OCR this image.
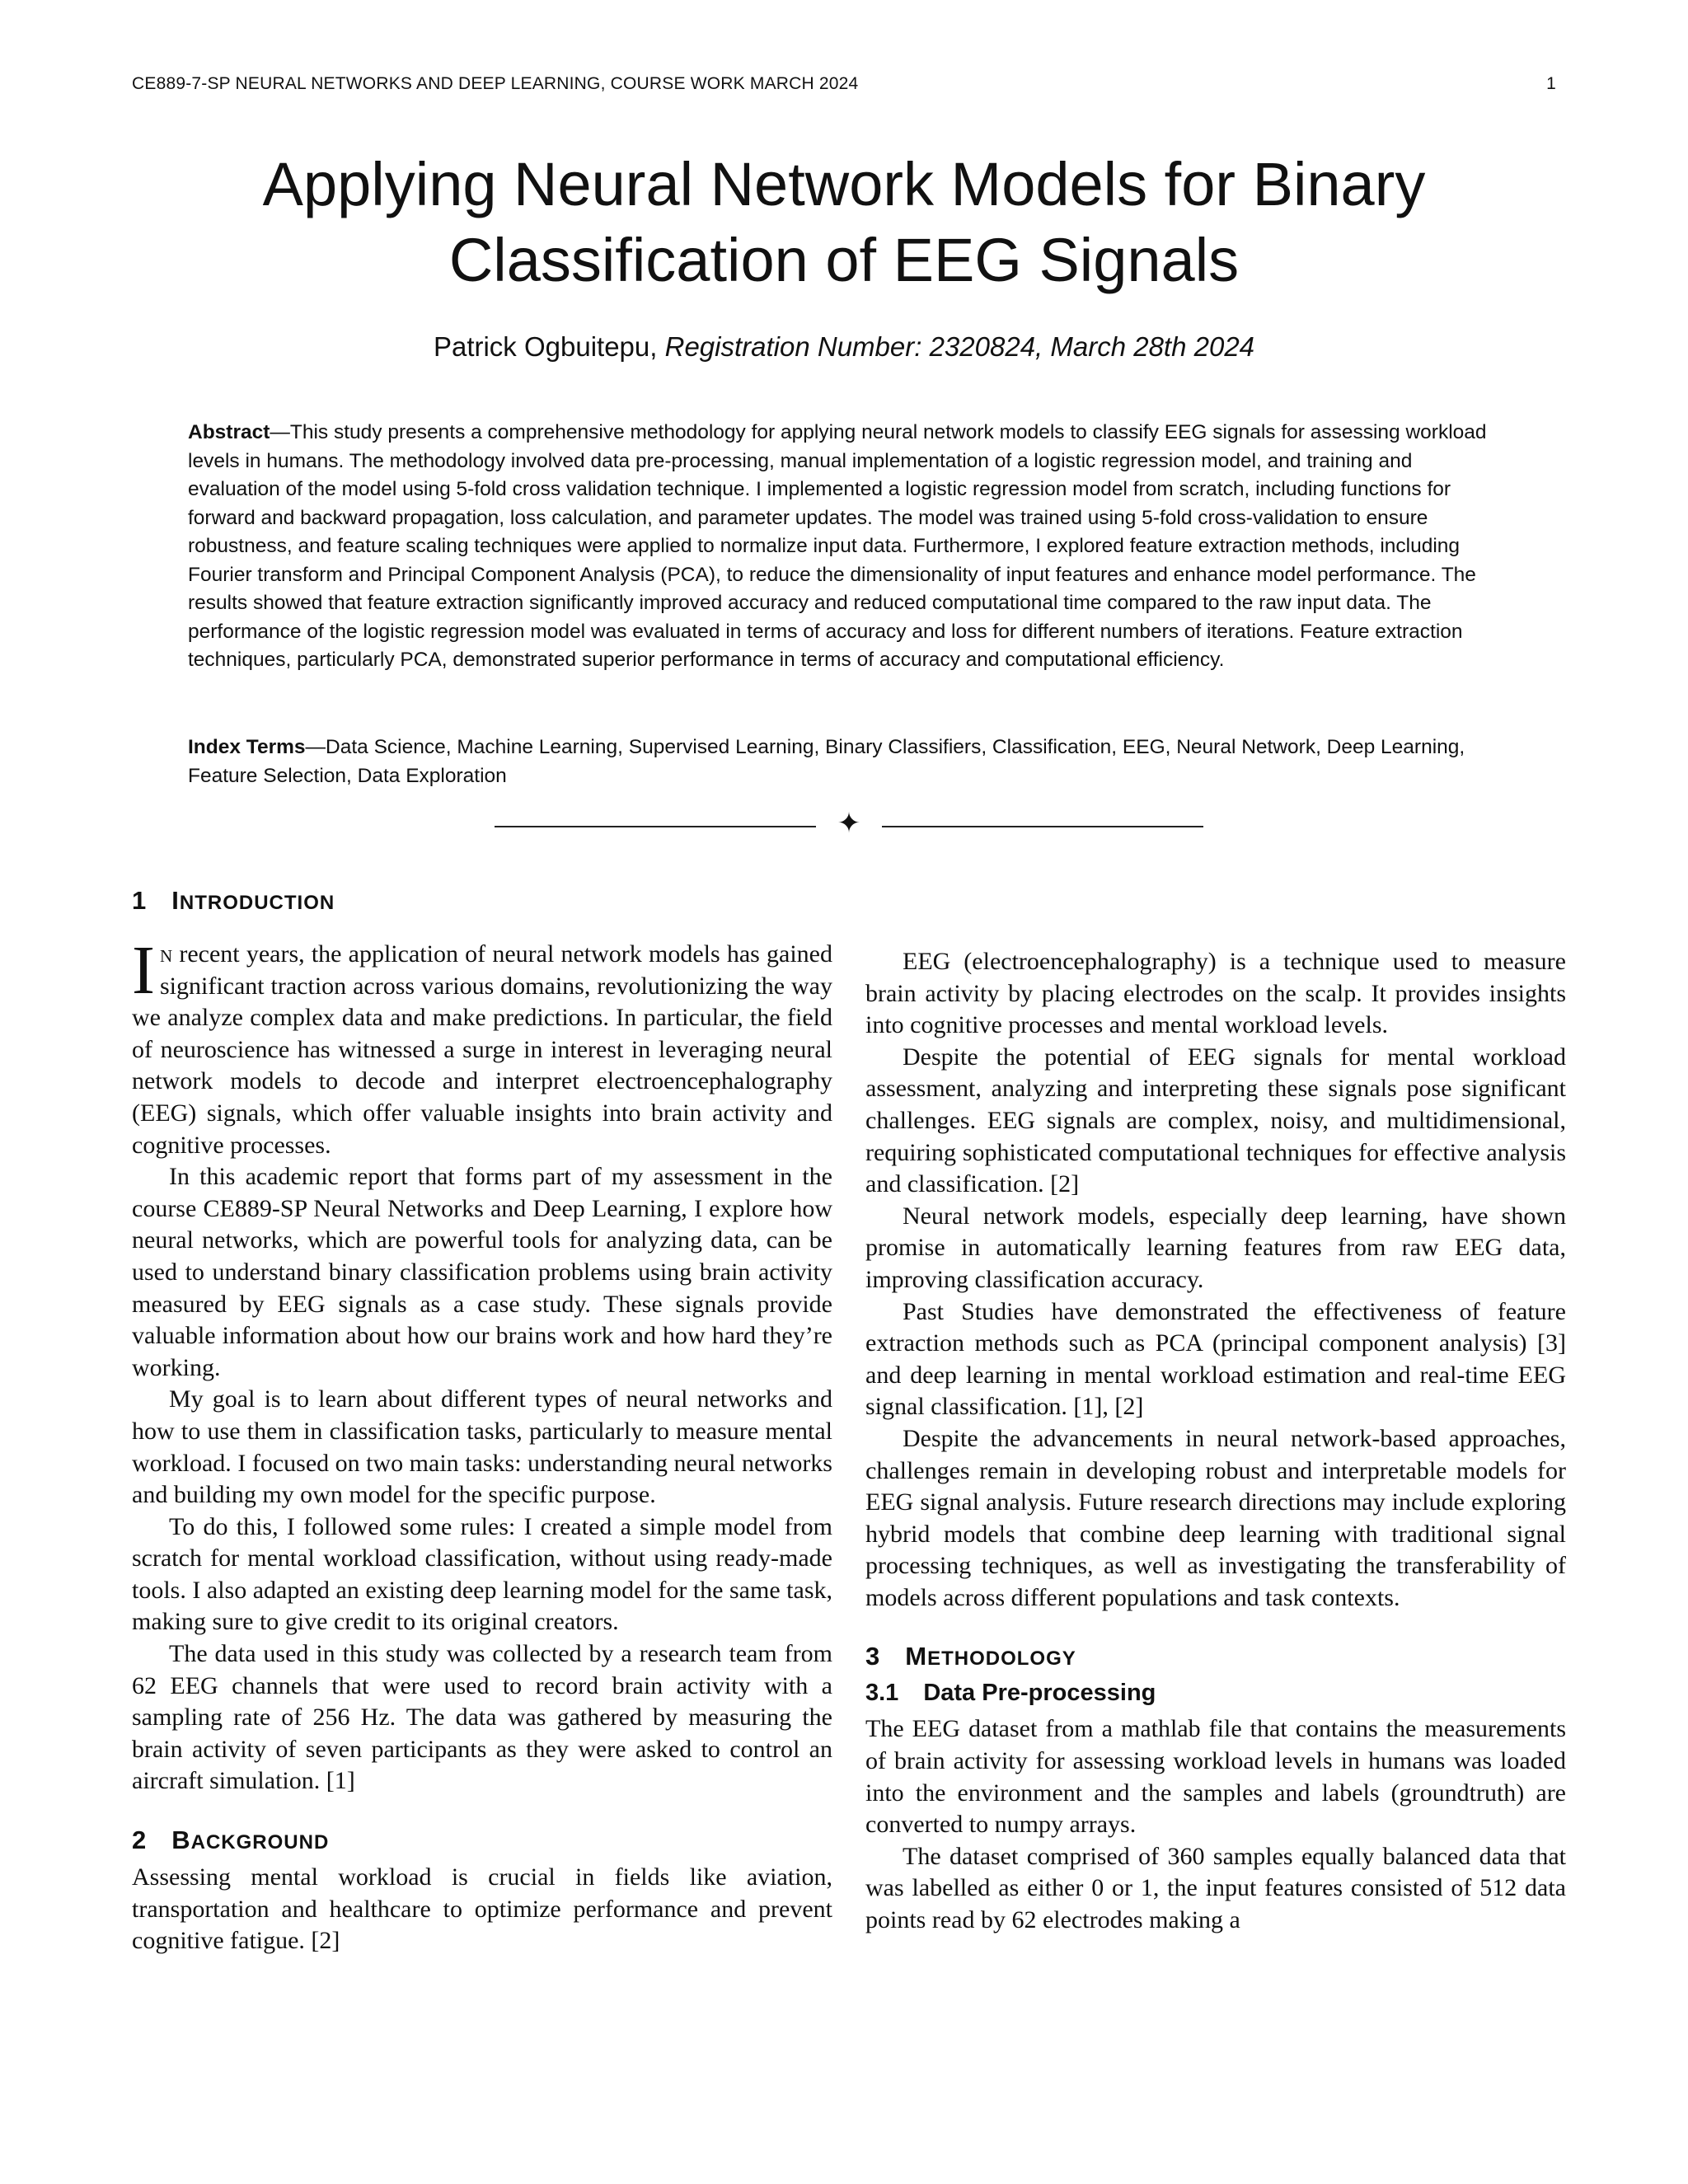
CE889-7-SP NEURAL NETWORKS AND DEEP LEARNING, COURSE WORK MARCH 2024	1
Applying Neural Network Models for Binary
Classification of EEG Signals
Patrick Ogbuitepu, Registration Number: 2320824, March 28th 2024

Abstract—This study presents a comprehensive methodology for applying neural network models to classify EEG signals for assessing workload levels in humans. The methodology involved data pre-processing, manual implementation of a logistic regression model, and training and evaluation of the model using 5-fold cross validation technique. I implemented a logistic regression model from scratch, including functions for forward and backward propagation, loss calculation, and parameter updates. The model was trained using 5-fold cross-validation to ensure robustness, and feature scaling techniques were applied to normalize input data. Furthermore, I explored feature extraction methods, including Fourier transform and Principal Component Analysis (PCA), to reduce the dimensionality of input features and enhance model performance. The results showed that feature extraction significantly improved accuracy and reduced computational time compared to the raw input data. The performance of the logistic regression model was evaluated in terms of accuracy and loss for different numbers of iterations. Feature extraction techniques, particularly PCA, demonstrated superior performance in terms of accuracy and computational efficiency.

Index Terms—Data Science, Machine Learning, Supervised Learning, Binary Classifiers, Classification, EEG, Neural Network, Deep Learning, Feature Selection, Data Exploration

✦
1 INTRODUCTION

In recent years, the application of neural network models has gained significant traction across various domains, revolutionizing the way we analyze complex data and make predictions. In particular, the field of neuroscience has witnessed a surge in interest in leveraging neural network models to decode and interpret electroencephalography (EEG) signals, which offer valuable insights into brain activity and cognitive processes.

In this academic report that forms part of my assessment in the course CE889-SP Neural Networks and Deep Learning, I explore how neural networks, which are powerful tools for analyzing data, can be used to understand binary classification problems using brain activity measured by EEG signals as a case study. These signals provide valuable information about how our brains work and how hard they’re working.

My goal is to learn about different types of neural networks and how to use them in classification tasks, particularly to measure mental workload. I focused on two main tasks: understanding neural networks and building my own model for the specific purpose.

To do this, I followed some rules: I created a simple model from scratch for mental workload classification, without using ready-made tools. I also adapted an existing deep learning model for the same task, making sure to give credit to its original creators.

The data used in this study was collected by a research team from 62 EEG channels that were used to record brain activity with a sampling rate of 256 Hz. The data was gathered by measuring the brain activity of seven participants as they were asked to control an aircraft simulation. [1]

2 BACKGROUND

Assessing mental workload is crucial in fields like aviation, transportation and healthcare to optimize performance and prevent cognitive fatigue. [2]

EEG (electroencephalography) is a technique used to measure brain activity by placing electrodes on the scalp. It provides insights into cognitive processes and mental workload levels.

Despite the potential of EEG signals for mental workload assessment, analyzing and interpreting these signals pose significant challenges. EEG signals are complex, noisy, and multidimensional, requiring sophisticated computational techniques for effective analysis and classification. [2]

Neural network models, especially deep learning, have shown promise in automatically learning features from raw EEG data, improving classification accuracy.

Past Studies have demonstrated the effectiveness of feature extraction methods such as PCA (principal component analysis) [3] and deep learning in mental workload estimation and real-time EEG signal classification. [1], [2]

Despite the advancements in neural network-based approaches, challenges remain in developing robust and interpretable models for EEG signal analysis. Future research directions may include exploring hybrid models that combine deep learning with traditional signal processing techniques, as well as investigating the transferability of models across different populations and task contexts.

3 METHODOLOGY
3.1 Data Pre-processing

The EEG dataset from a mathlab file that contains the measurements of brain activity for assessing workload levels in humans was loaded into the environment and the samples and labels (groundtruth) are converted to numpy arrays.

The dataset comprised of 360 samples equally balanced data that was labelled as either 0 or 1, the input features consisted of 512 data points read by 62 electrodes making a
